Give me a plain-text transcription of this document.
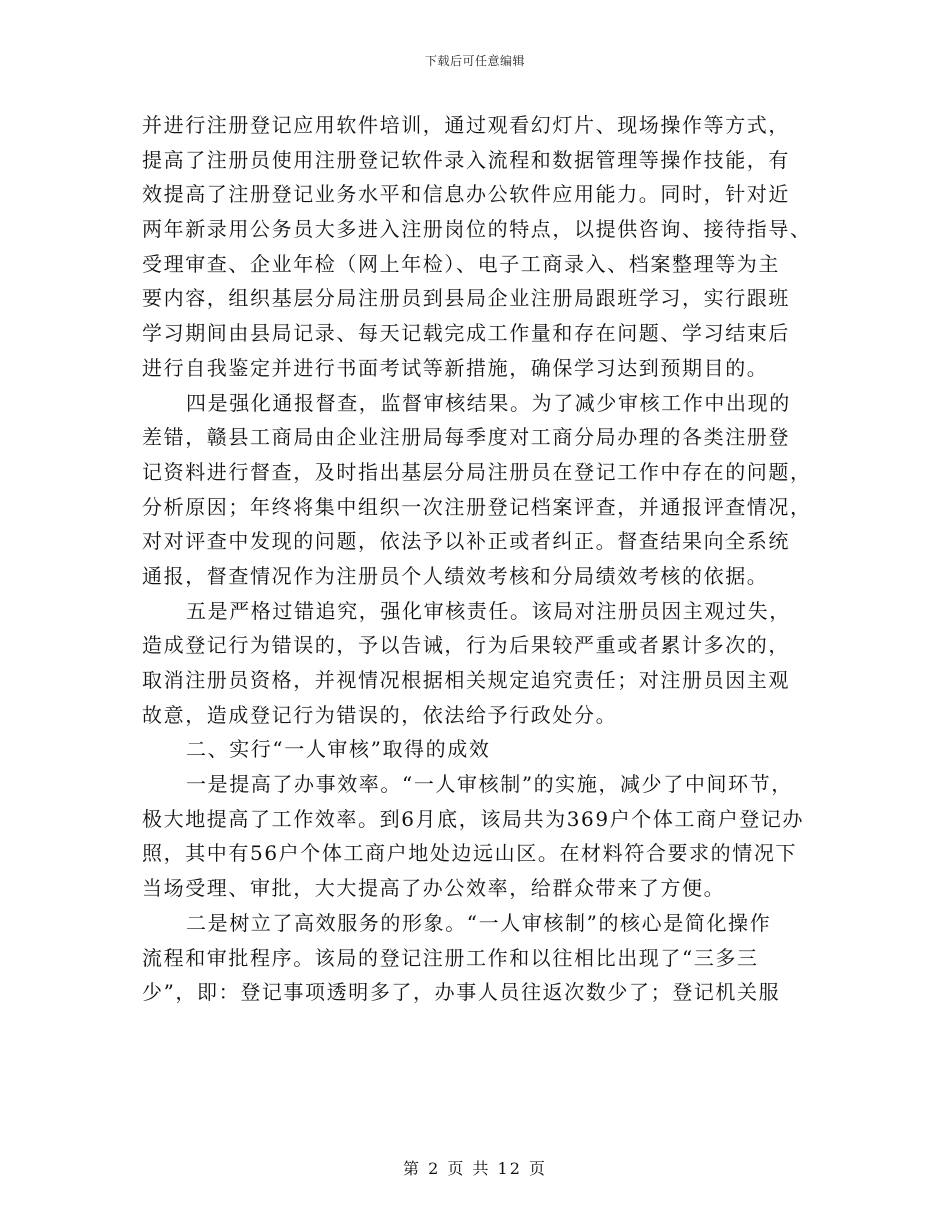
下载后可任意编辑
并进行注册登记应用软件培训，通过观看幻灯片、现场操作等方式，
提高了注册员使用注册登记软件录入流程和数据管理等操作技能，有
效提高了注册登记业务水平和信息办公软件应用能力。同时，针对近
两年新录用公务员大多进入注册岗位的特点，以提供咨询、接待指导、
受理审查、企业年检（网上年检）、电子工商录入、档案整理等为主
要内容，组织基层分局注册员到县局企业注册局跟班学习，实行跟班
学习期间由县局记录、每天记载完成工作量和存在问题、学习结束后
进行自我鉴定并进行书面考试等新措施，确保学习达到预期目的。
四是强化通报督查，监督审核结果。为了减少审核工作中出现的
差错，赣县工商局由企业注册局每季度对工商分局办理的各类注册登
记资料进行督查，及时指出基层分局注册员在登记工作中存在的问题，
分析原因；年终将集中组织一次注册登记档案评查，并通报评查情况，
对对评查中发现的问题，依法予以补正或者纠正。督查结果向全系统
通报，督查情况作为注册员个人绩效考核和分局绩效考核的依据。
五是严格过错追究，强化审核责任。该局对注册员因主观过失，
造成登记行为错误的，予以告诫，行为后果较严重或者累计多次的，
取消注册员资格，并视情况根据相关规定追究责任；对注册员因主观
故意，造成登记行为错误的，依法给予行政处分。
二、实行“一人审核”取得的成效
一是提高了办事效率。“一人审核制”的实施，减少了中间环节，
极大地提高了工作效率。到6月底，该局共为369户个体工商户登记办
照，其中有56户个体工商户地处边远山区。在材料符合要求的情况下
当场受理、审批，大大提高了办公效率，给群众带来了方便。
二是树立了高效服务的形象。“一人审核制”的核心是简化操作
流程和审批程序。该局的登记注册工作和以往相比出现了“三多三
少”，即：登记事项透明多了，办事人员往返次数少了；登记机关服
第 2 页 共 12 页
